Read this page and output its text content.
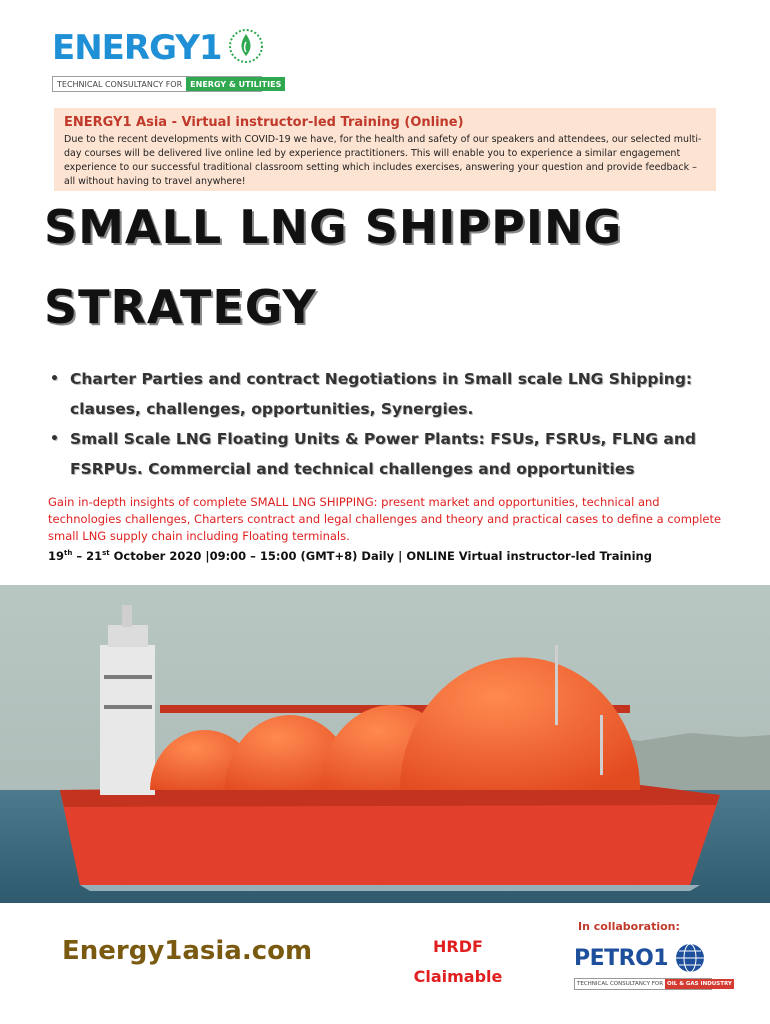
ENERGY1
TECHNICAL CONSULTANCY FOR	ENERGY & UTILITIES
ENERGY1 Asia - Virtual instructor-led Training (Online)
Due to the recent developments with COVID-19 we have, for the health and safety of our speakers and attendees, our selected multi-day courses will be delivered live online led by experience practitioners. This will enable you to experience a similar engagement experience to our successful traditional classroom setting which includes exercises, answering your question and provide feedback – all without having to travel anywhere!
SMALL LNG SHIPPING
STRATEGY
• Charter Parties and contract Negotiations in Small scale LNG Shipping: clauses, challenges, opportunities, Synergies.
• Small Scale LNG Floating Units & Power Plants: FSUs, FSRUs, FLNG and FSRPUs. Commercial and technical challenges and opportunities
Gain in-depth insights of complete SMALL LNG SHIPPING: present market and opportunities, technical and technologies challenges, Charters contract and legal challenges and theory and practical cases to define a complete small LNG supply chain including Floating terminals.
19th – 21st October 2020 |09:00 – 15:00 (GMT+8) Daily | ONLINE Virtual instructor-led Training
Energy1asia.com	HRDF
Claimable
In collaboration:
PETRO1
TECHNICAL CONSULTANCY FOR OIL & GAS INDUSTRY
